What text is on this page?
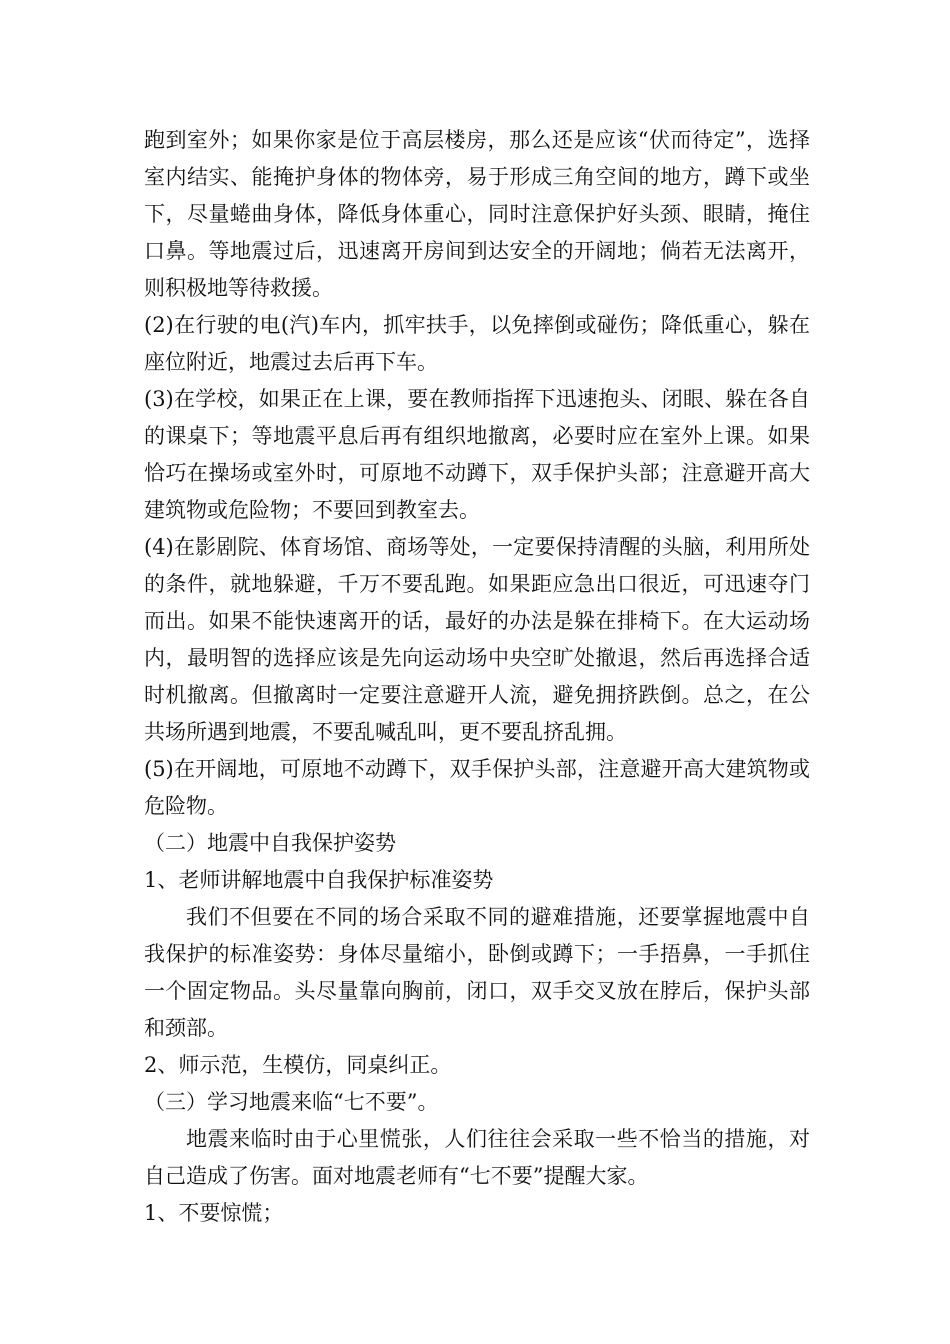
跑到室外；如果你家是位于高层楼房，那么还是应该“伏而待定”，选择室内结实、能掩护身体的物体旁，易于形成三角空间的地方，蹲下或坐下，尽量蜷曲身体，降低身体重心，同时注意保护好头颈、眼睛，掩住口鼻。等地震过后，迅速离开房间到达安全的开阔地；倘若无法离开，则积极地等待救援。

(2)在行驶的电(汽)车内，抓牢扶手，以免摔倒或碰伤；降低重心，躲在座位附近，地震过去后再下车。

(3)在学校，如果正在上课，要在教师指挥下迅速抱头、闭眼、躲在各自的课桌下；等地震平息后再有组织地撤离，必要时应在室外上课。如果恰巧在操场或室外时，可原地不动蹲下，双手保护头部；注意避开高大建筑物或危险物；不要回到教室去。

(4)在影剧院、体育场馆、商场等处，一定要保持清醒的头脑，利用所处的条件，就地躲避，千万不要乱跑。如果距应急出口很近，可迅速夺门而出。如果不能快速离开的话，最好的办法是躲在排椅下。在大运动场内，最明智的选择应该是先向运动场中央空旷处撤退，然后再选择合适时机撤离。但撤离时一定要注意避开人流，避免拥挤跌倒。总之，在公共场所遇到地震，不要乱喊乱叫，更不要乱挤乱拥。

(5)在开阔地，可原地不动蹲下，双手保护头部，注意避开高大建筑物或危险物。

（二）地震中自我保护姿势

1、老师讲解地震中自我保护标准姿势

我们不但要在不同的场合采取不同的避难措施，还要掌握地震中自我保护的标准姿势：身体尽量缩小，卧倒或蹲下；一手捂鼻，一手抓住一个固定物品。头尽量靠向胸前，闭口，双手交叉放在脖后，保护头部和颈部。

2、师示范，生模仿，同桌纠正。

（三）学习地震来临“七不要”。

地震来临时由于心里慌张，人们往往会采取一些不恰当的措施，对自己造成了伤害。面对地震老师有“七不要”提醒大家。

1、不要惊慌；
